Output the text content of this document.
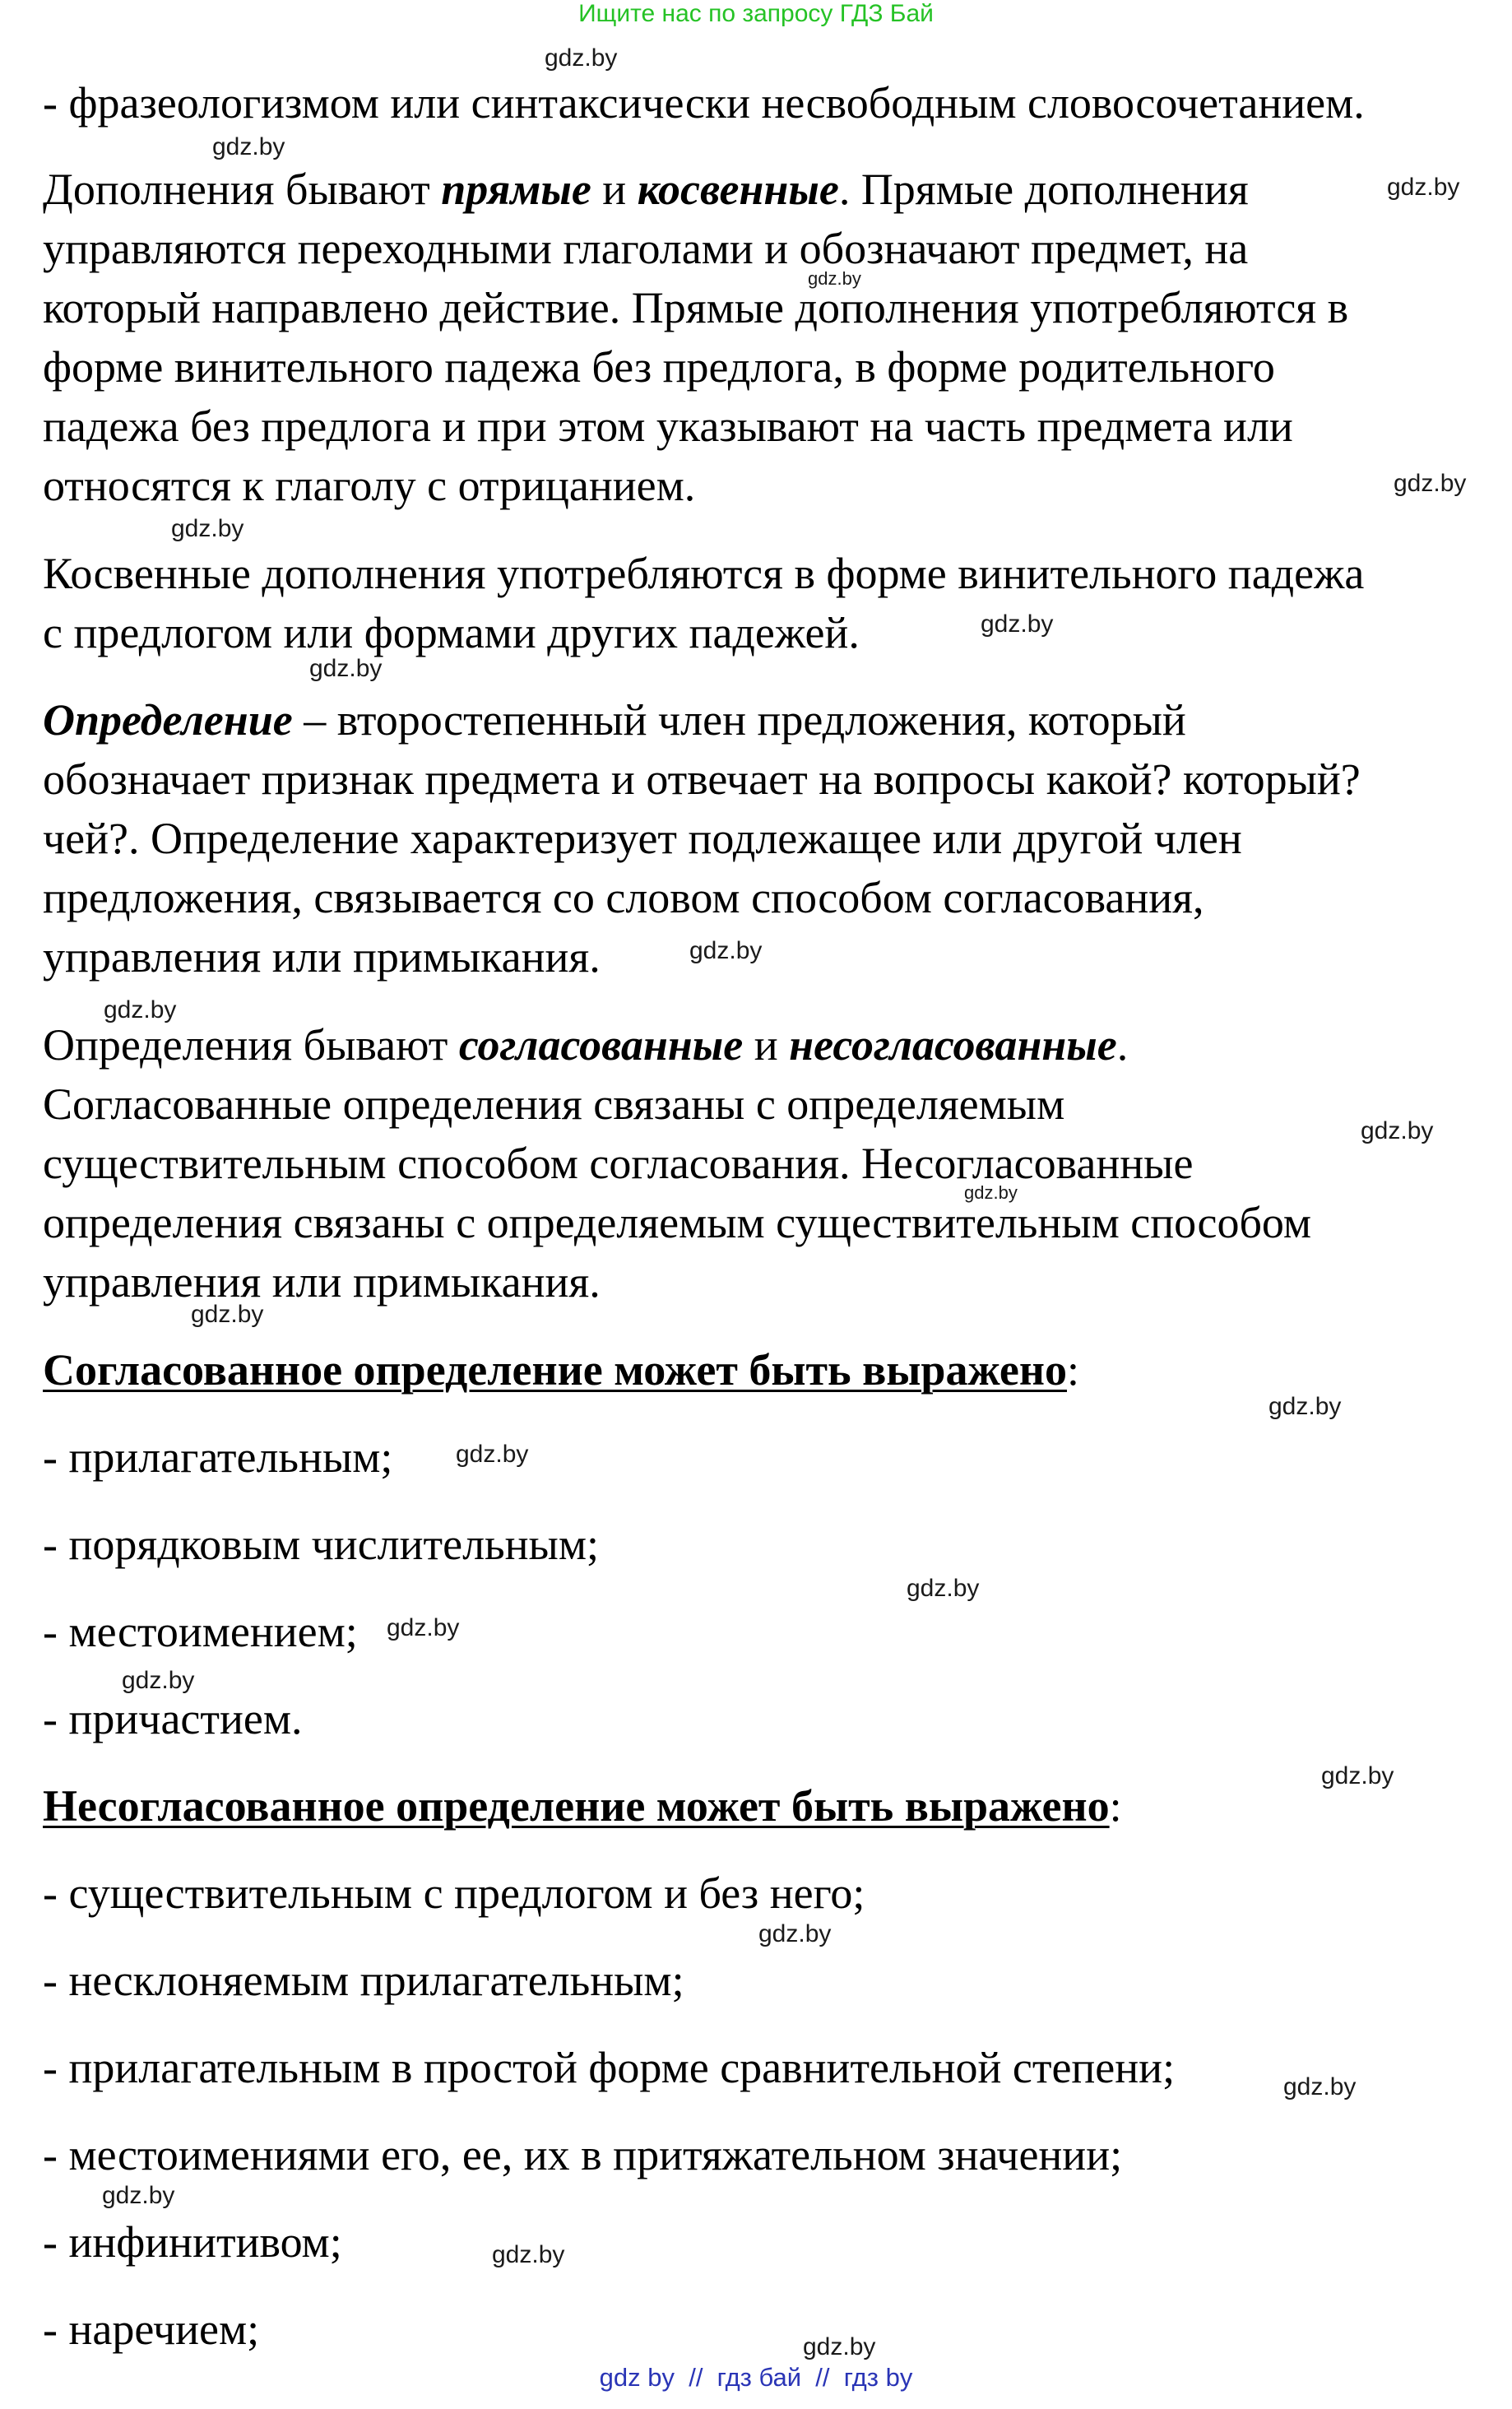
Ищите нас по запросу ГДЗ Бай
- фразеологизмом или синтаксически несвободным словосочетанием.
Дополнения бывают прямые и косвенные. Прямые дополнения
управляются переходными глаголами и обозначают предмет, на
который направлено действие. Прямые дополнения употребляются в
форме винительного падежа без предлога, в форме родительного
падежа без предлога и при этом указывают на часть предмета или
относятся к глаголу с отрицанием.
Косвенные дополнения употребляются в форме винительного падежа
с предлогом или формами других падежей.
Определение – второстепенный член предложения, который
обозначает признак предмета и отвечает на вопросы какой? который?
чей?. Определение характеризует подлежащее или другой член
предложения, связывается со словом способом согласования,
управления или примыкания.
Определения бывают согласованные и несогласованные.
Согласованные определения связаны с определяемым
существительным способом согласования. Несогласованные
определения связаны с определяемым существительным способом
управления или примыкания.
Согласованное определение может быть выражено:
- прилагательным;
- порядковым числительным;
- местоимением;
- причастием.
Несогласованное определение может быть выражено:
- существительным с предлогом и без него;
- несклоняемым прилагательным;
- прилагательным в простой форме сравнительной степени;
- местоимениями его, ее, их в притяжательном значении;
- инфинитивом;
- наречием;
gdz.by
gdz.by
gdz.by
gdz.by
gdz.by
gdz.by
gdz.by
gdz.by
gdz.by
gdz.by
gdz.by
gdz.by
gdz.by
gdz.by
gdz.by
gdz.by
gdz.by
gdz.by
gdz.by
gdz.by
gdz.by
gdz.by
gdz.by
gdz.by
gdz by  //  гдз бай  //  гдз by
